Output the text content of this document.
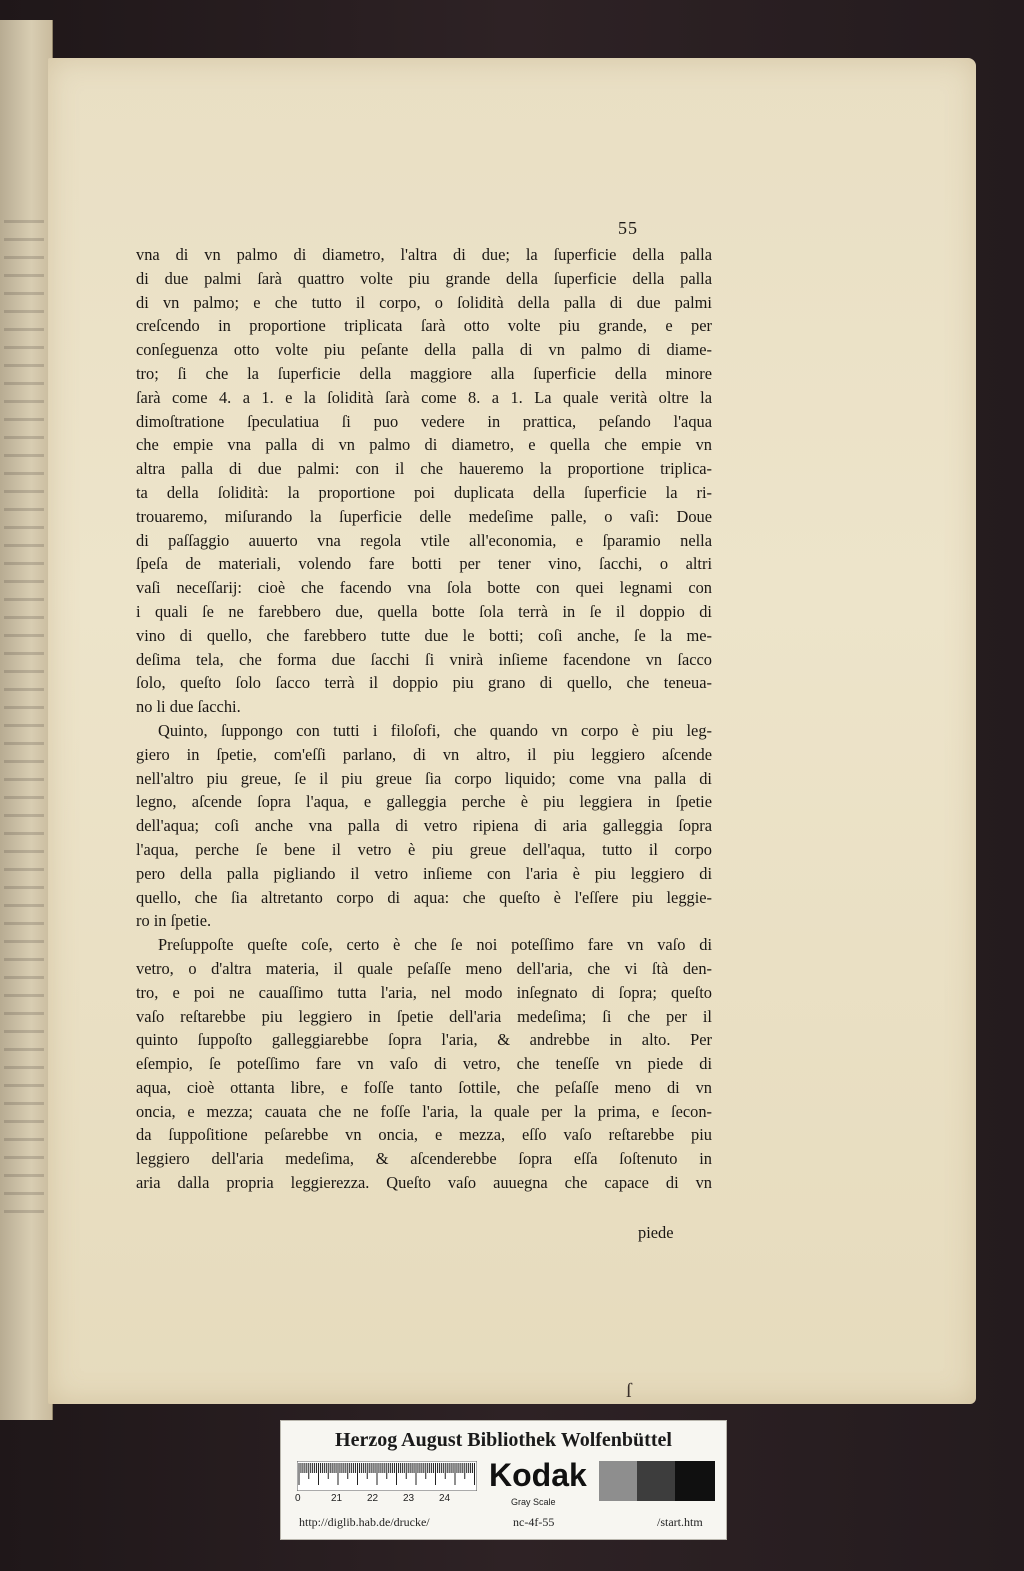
55
vna di vn palmo di diametro, l'altra di due; la ſuperficie della palla
di due palmi ſarà quattro volte piu grande della ſuperficie della palla
di vn palmo; e che tutto il corpo, o ſolidità della palla di due palmi
creſcendo in proportione triplicata ſarà otto volte piu grande, e per
conſeguenza otto volte piu peſante della palla di vn palmo di diame-
tro; ſi che la ſuperficie della maggiore alla ſuperficie della minore
ſarà come 4. a 1. e la ſolidità ſarà come 8. a 1. La quale verità oltre la
dimoſtratione ſpeculatiua ſi puo vedere in prattica, peſando l'aqua
che empie vna palla di vn palmo di diametro, e quella che empie vn
altra palla di due palmi: con il che haueremo la proportione triplica-
ta della ſolidità: la proportione poi duplicata della ſuperficie la ri-
trouaremo, miſurando la ſuperficie delle medeſime palle, o vaſi: Doue
di paſſaggio auuerto vna regola vtile all'economia, e ſparamio nella
ſpeſa de materiali, volendo fare botti per tener vino, ſacchi, o altri
vaſi neceſſarij: cioè che facendo vna ſola botte con quei legnami con
i quali ſe ne farebbero due, quella botte ſola terrà in ſe il doppio di
vino di quello, che farebbero tutte due le botti; coſi anche, ſe la me-
deſima tela, che forma due ſacchi ſi vnirà inſieme facendone vn ſacco
ſolo, queſto ſolo ſacco terrà il doppio piu grano di quello, che teneua-
no li due ſacchi.
Quinto, ſuppongo con tutti i filoſofi, che quando vn corpo è piu leg-
giero in ſpetie, com'eſſi parlano, di vn altro, il piu leggiero aſcende
nell'altro piu greue, ſe il piu greue ſia corpo liquido; come vna palla di
legno, aſcende ſopra l'aqua, e galleggia perche è piu leggiera in ſpetie
dell'aqua; coſi anche vna palla di vetro ripiena di aria galleggia ſopra
l'aqua, perche ſe bene il vetro è piu greue dell'aqua, tutto il corpo
pero della palla pigliando il vetro inſieme con l'aria è piu leggiero di
quello, che ſia altretanto corpo di aqua: che queſto è l'eſſere piu leggie-
ro in ſpetie.
Preſuppoſte queſte coſe, certo è che ſe noi poteſſimo fare vn vaſo di
vetro, o d'altra materia, il quale peſaſſe meno dell'aria, che vi ſtà den-
tro, e poi ne cauaſſimo tutta l'aria, nel modo inſegnato di ſopra; queſto
vaſo reſtarebbe piu leggiero in ſpetie dell'aria medeſima; ſi che per il
quinto ſuppoſto galleggiarebbe ſopra l'aria, & andrebbe in alto. Per
eſempio, ſe poteſſimo fare vn vaſo di vetro, che teneſſe vn piede di
aqua, cioè ottanta libre, e foſſe tanto ſottile, che peſaſſe meno di vn
oncia, e mezza; cauata che ne foſſe l'aria, la quale per la prima, e ſecon-
da ſuppoſitione peſarebbe vn oncia, e mezza, eſſo vaſo reſtarebbe piu
leggiero dell'aria medeſima, & aſcenderebbe ſopra eſſa ſoſtenuto in
aria dalla propria leggierezza. Queſto vaſo auuegna che capace di vn
piede
ſ
Herzog August Bibliothek Wolfenbüttel
0	21 22 23 24
Kodak
Gray Scale
http://diglib.hab.de/drucke/	nc-4f-55	/start.htm
